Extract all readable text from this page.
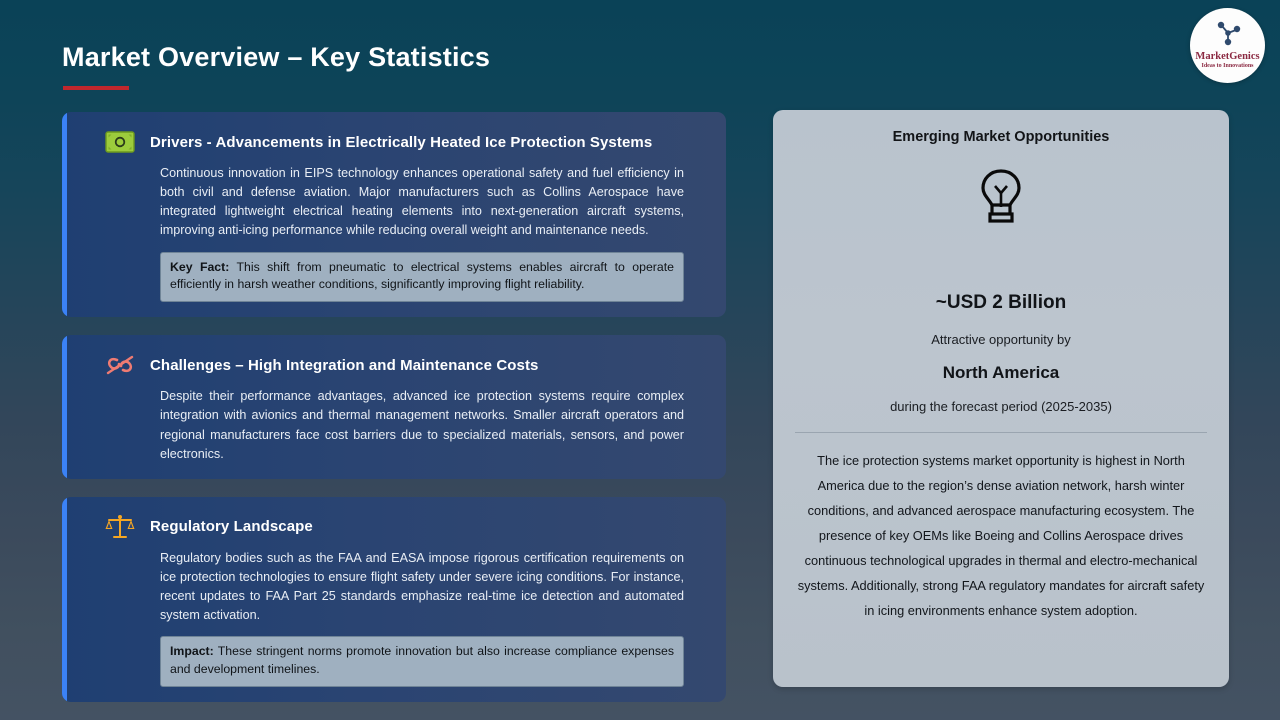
Market Overview – Key Statistics	MarketGenics
Ideas to Innovations
Drivers - Advancements in Electrically Heated Ice Protection Systems
Continuous innovation in EIPS technology enhances operational safety and fuel efficiency in both civil and defense aviation. Major manufacturers such as Collins Aerospace have integrated lightweight electrical heating elements into next-generation aircraft systems, improving anti-icing performance while reducing overall weight and maintenance needs.
Key Fact: This shift from pneumatic to electrical systems enables aircraft to operate efficiently in harsh weather conditions, significantly improving flight reliability.
Challenges – High Integration and Maintenance Costs
Despite their performance advantages, advanced ice protection systems require complex integration with avionics and thermal management networks. Smaller aircraft operators and regional manufacturers face cost barriers due to specialized materials, sensors, and power electronics.
Regulatory Landscape
Regulatory bodies such as the FAA and EASA impose rigorous certification requirements on ice protection technologies to ensure flight safety under severe icing conditions. For instance, recent updates to FAA Part 25 standards emphasize real-time ice detection and automated system activation.
Impact: These stringent norms promote innovation but also increase compliance expenses and development timelines.
Emerging Market Opportunities
~USD 2 Billion
Attractive opportunity by
North America
during the forecast period (2025-2035)
The ice protection systems market opportunity is highest in North America due to the region’s dense aviation network, harsh winter conditions, and advanced aerospace manufacturing ecosystem. The presence of key OEMs like Boeing and Collins Aerospace drives continuous technological upgrades in thermal and electro-mechanical systems. Additionally, strong FAA regulatory mandates for aircraft safety in icing environments enhance system adoption.
